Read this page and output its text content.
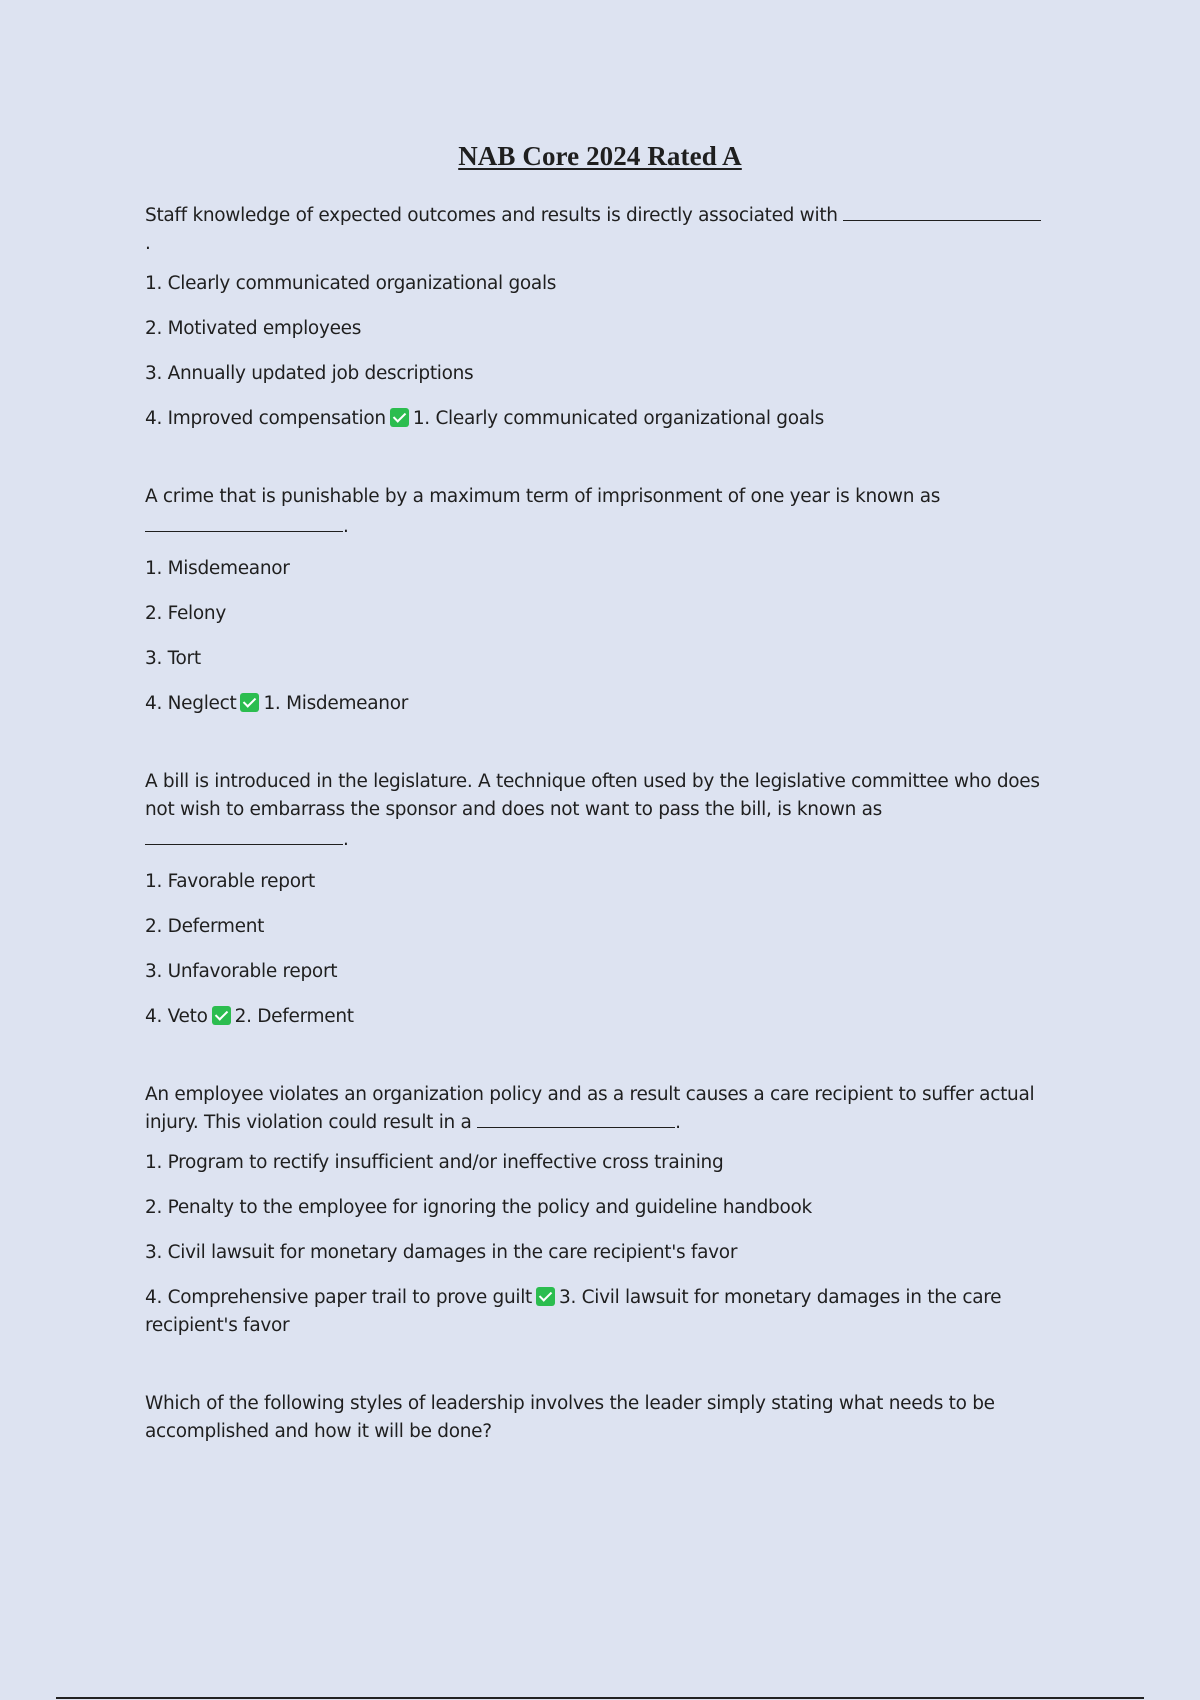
NAB Core 2024 Rated A

Staff knowledge of expected outcomes and results is directly associated with .

1. Clearly communicated organizational goals

2. Motivated employees

3. Annually updated job descriptions

4. Improved compensation 1. Clearly communicated organizational goals

A crime that is punishable by a maximum term of imprisonment of one year is known as

.

1. Misdemeanor

2. Felony

3. Tort

4. Neglect 1. Misdemeanor

A bill is introduced in the legislature. A technique often used by the legislative committee who does not wish to embarrass the sponsor and does not want to pass the bill, is known as

.

1. Favorable report

2. Deferment

3. Unfavorable report

4. Veto 2. Deferment

An employee violates an organization policy and as a result causes a care recipient to suffer actual injury. This violation could result in a	.

1. Program to rectify insufficient and/or ineffective cross training

2. Penalty to the employee for ignoring the policy and guideline handbook

3. Civil lawsuit for monetary damages in the care recipient's favor

4. Comprehensive paper trail to prove guilt 3. Civil lawsuit for monetary damages in the care recipient's favor

Which of the following styles of leadership involves the leader simply stating what needs to be accomplished and how it will be done?
